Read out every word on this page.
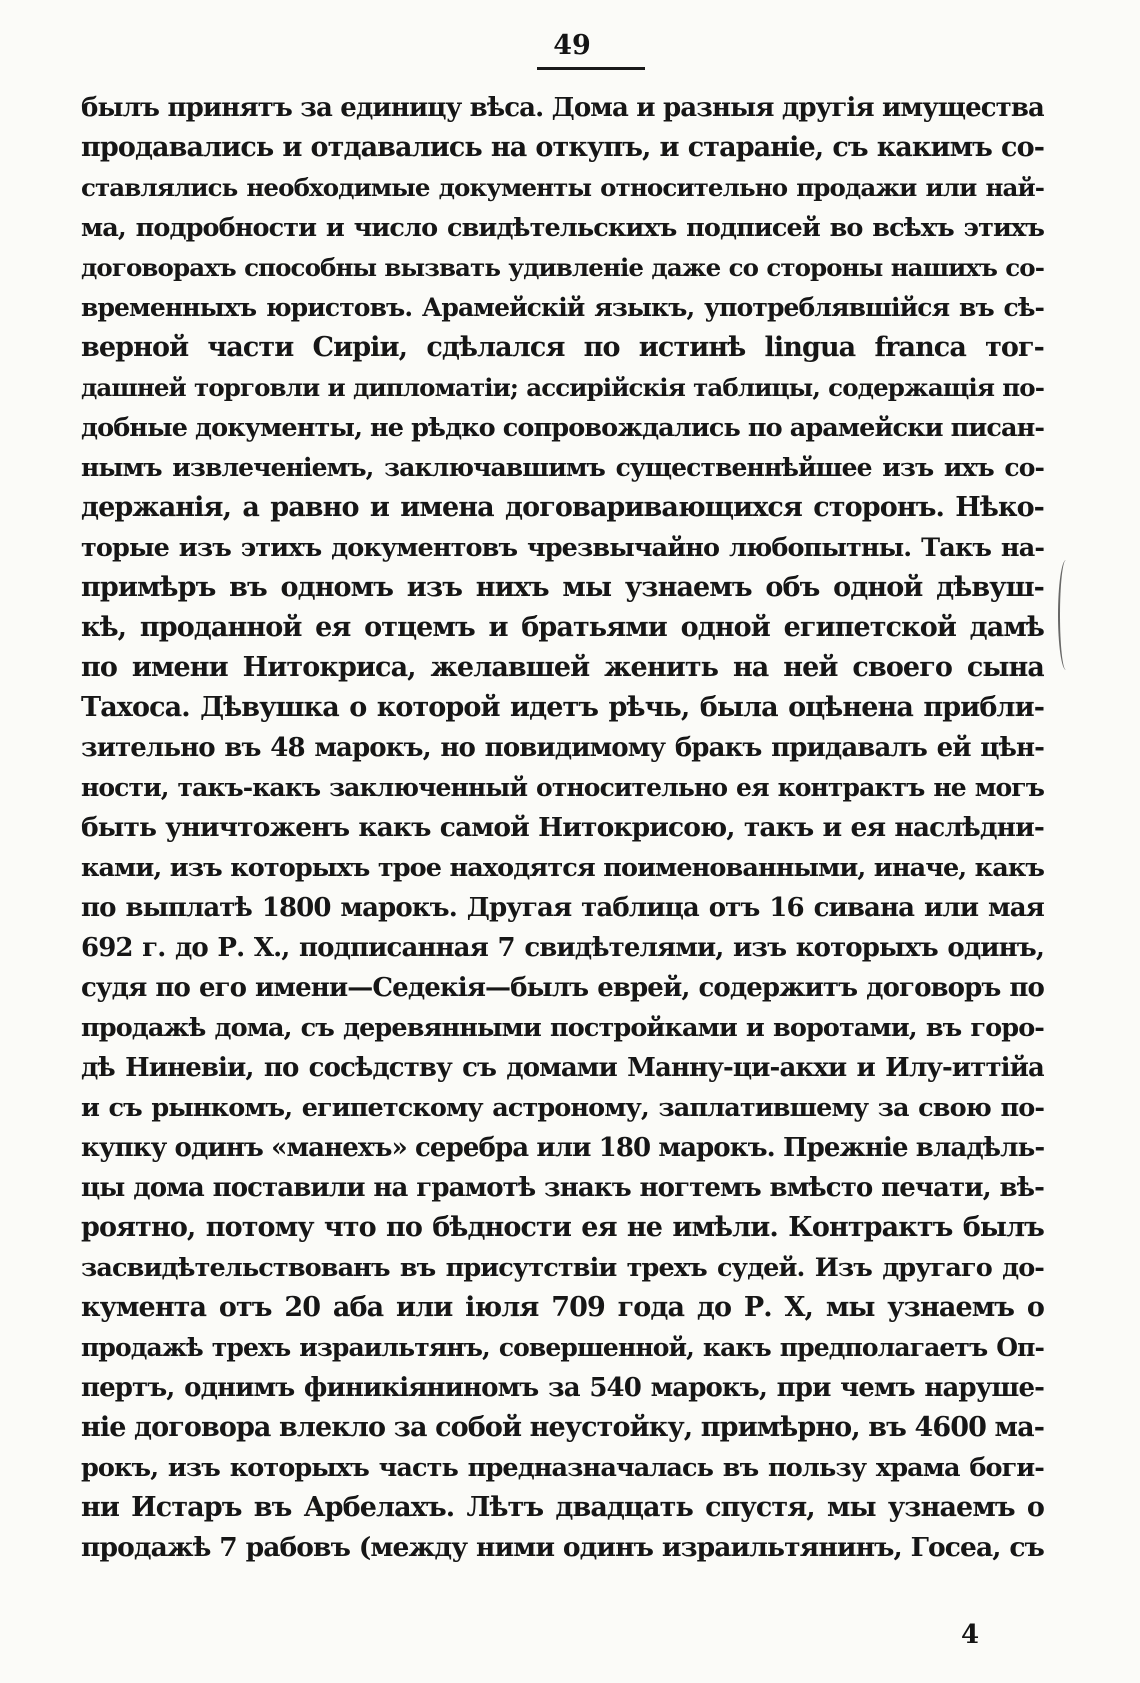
49
былъ принятъ за единицу вѣса. Дома и разныя другія имущества
продавались и отдавались на откупъ, и стараніе, съ какимъ со-
ставлялись необходимые документы относительно продажи или най-
ма, подробности и число свидѣтельскихъ подписей во всѣхъ этихъ
договорахъ способны вызвать удивленіе даже со стороны нашихъ со-
временныхъ юристовъ. Арамейскій языкъ, употреблявшійся въ сѣ-
верной части Сиріи, сдѣлался по истинѣ lingua franca тог-
дашней торговли и дипломатіи; ассирійскія таблицы, содержащія по-
добные документы, не рѣдко сопровождались по арамейски писан-
нымъ извлеченіемъ, заключавшимъ существеннѣйшее изъ ихъ со-
держанія, а равно и имена договаривающихся сторонъ. Нѣко-
торые изъ этихъ документовъ чрезвычайно любопытны. Такъ на-
примѣръ въ одномъ изъ нихъ мы узнаемъ объ одной дѣвуш-
кѣ, проданной ея отцемъ и братьями одной египетской дамѣ
по имени Нитокриса, желавшей женить на ней своего сына
Тахоса. Дѣвушка о которой идетъ рѣчь, была оцѣнена прибли-
зительно въ 48 марокъ, но повидимому бракъ придавалъ ей цѣн-
ности, такъ-какъ заключенный относительно ея контрактъ не могъ
быть уничтоженъ какъ самой Нитокрисою, такъ и ея наслѣдни-
ками, изъ которыхъ трое находятся поименованными, иначе, какъ
по выплатѣ 1800 марокъ. Другая таблица отъ 16 сивана или мая
692 г. до Р. Х., подписанная 7 свидѣтелями, изъ которыхъ одинъ,
судя по его имени—Седекія—былъ еврей, содержитъ договоръ по
продажѣ дома, съ деревянными постройками и воротами, въ горо-
дѣ Ниневіи, по сосѣдству съ домами Манну-ци-акхи и Илу-иттійа
и съ рынкомъ, египетскому астроному, заплатившему за свою по-
купку одинъ «манехъ» серебра или 180 марокъ. Прежніе владѣль-
цы дома поставили на грамотѣ знакъ ногтемъ вмѣсто печати, вѣ-
роятно, потому что по бѣдности ея не имѣли. Контрактъ былъ
засвидѣтельствованъ въ присутствіи трехъ судей. Изъ другаго до-
кумента отъ 20 аба или іюля 709 года до Р. Х, мы узнаемъ о
продажѣ трехъ израильтянъ, совершенной, какъ предполагаетъ Оп-
пертъ, однимъ финикіяниномъ за 540 марокъ, при чемъ наруше-
ніе договора влекло за собой неустойку, примѣрно, въ 4600 ма-
рокъ, изъ которыхъ часть предназначалась въ пользу храма боги-
ни Истаръ въ Арбелахъ. Лѣтъ двадцать спустя, мы узнаемъ о
продажѣ 7 рабовъ (между ними одинъ израильтянинъ, Госеа, съ
4
